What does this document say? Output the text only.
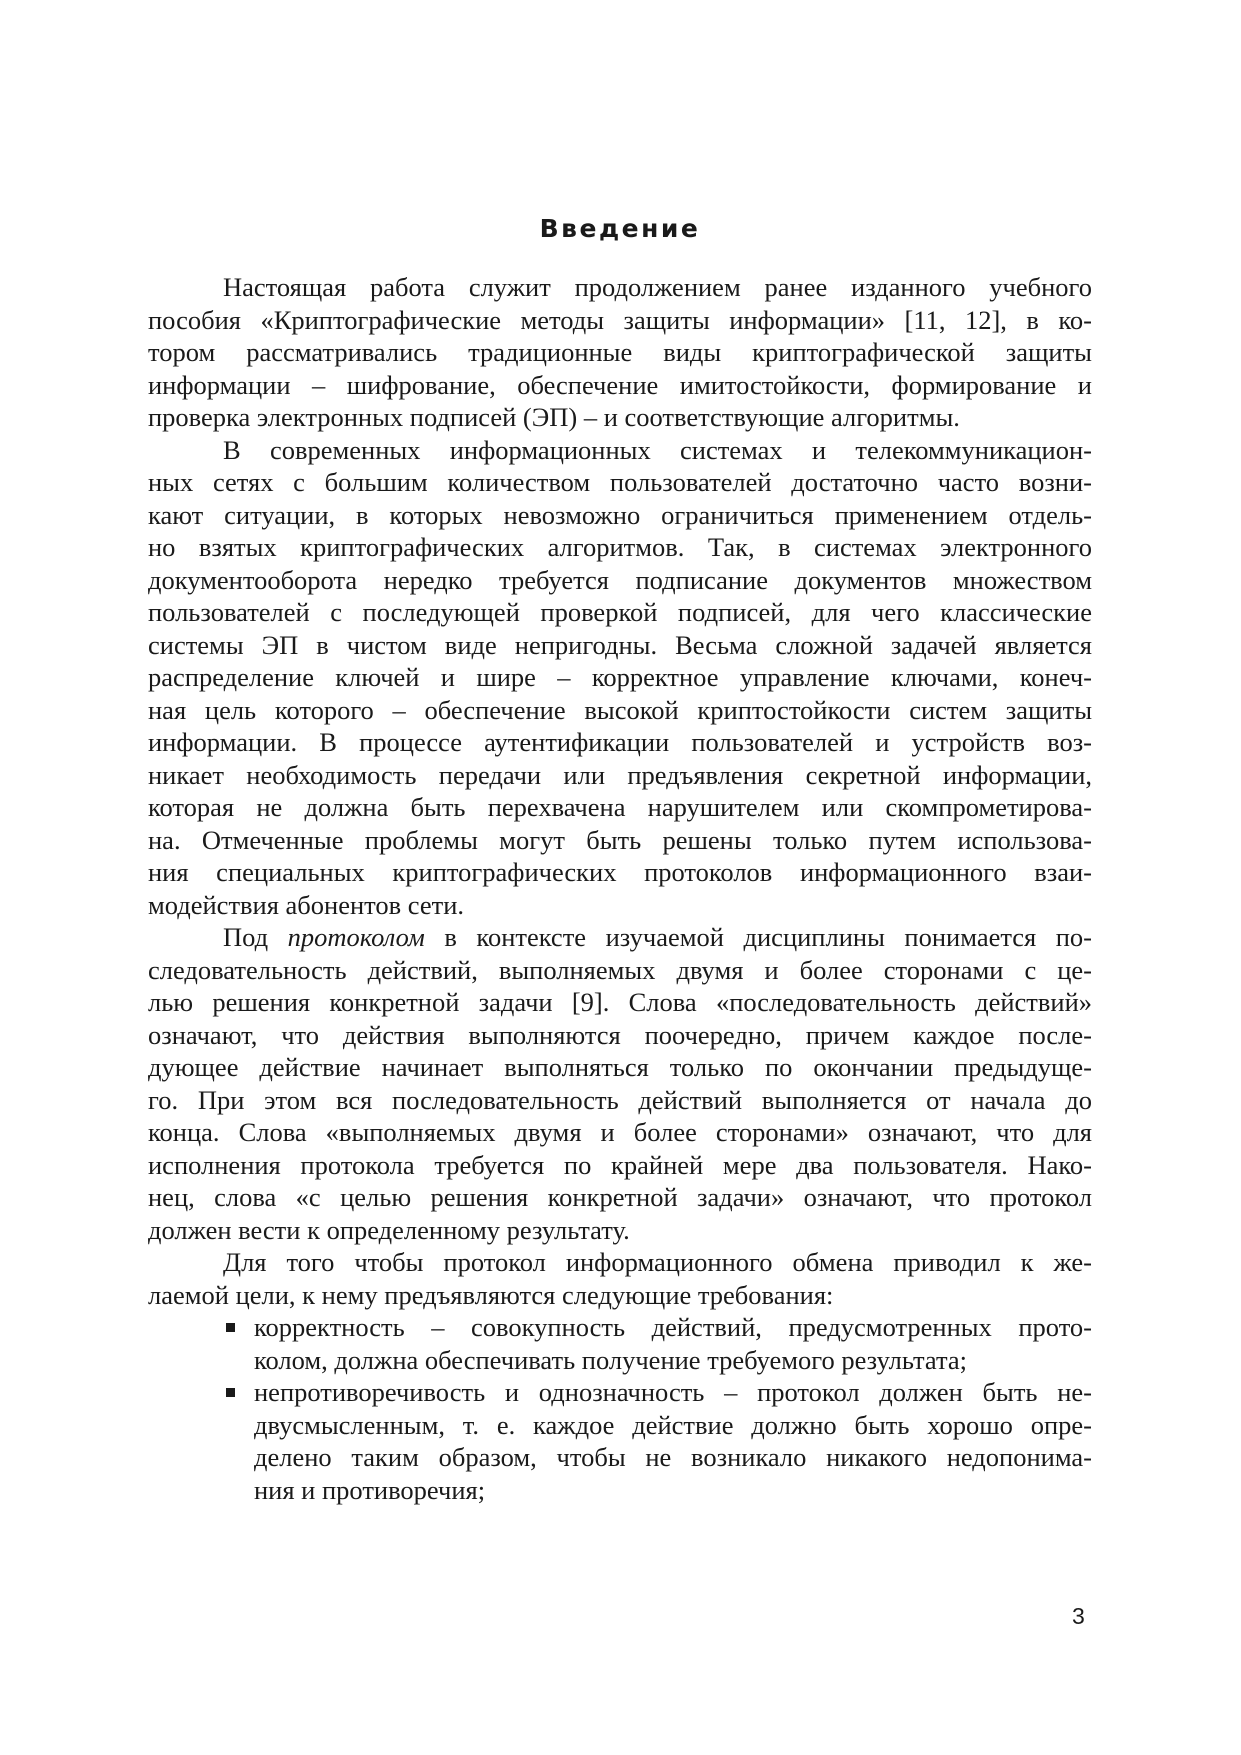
Введение
Настоящая работа служит продолжением ранее изданного учебного
пособия «Криптографические методы защиты информации» [11, 12], в ко-
тором рассматривались традиционные виды криптографической защиты
информации – шифрование, обеспечение имитостойкости, формирование и
проверка электронных подписей (ЭП) – и соответствующие алгоритмы.
В современных информационных системах и телекоммуникацион-
ных сетях с большим количеством пользователей достаточно часто возни-
кают ситуации, в которых невозможно ограничиться применением отдель-
но взятых криптографических алгоритмов. Так, в системах электронного
документооборота нередко требуется подписание документов множеством
пользователей с последующей проверкой подписей, для чего классические
системы ЭП в чистом виде непригодны. Весьма сложной задачей является
распределение ключей и шире – корректное управление ключами, конеч-
ная цель которого – обеспечение высокой криптостойкости систем защиты
информации. В процессе аутентификации пользователей и устройств воз-
никает необходимость передачи или предъявления секретной информации,
которая не должна быть перехвачена нарушителем или скомпрометирова-
на. Отмеченные проблемы могут быть решены только путем использова-
ния специальных криптографических протоколов информационного взаи-
модействия абонентов сети.
Под протоколом в контексте изучаемой дисциплины понимается по-
следовательность действий, выполняемых двумя и более сторонами с це-
лью решения конкретной задачи [9]. Слова «последовательность действий»
означают, что действия выполняются поочередно, причем каждое после-
дующее действие начинает выполняться только по окончании предыдуще-
го. При этом вся последовательность действий выполняется от начала до
конца. Слова «выполняемых двумя и более сторонами» означают, что для
исполнения протокола требуется по крайней мере два пользователя. Нако-
нец, слова «с целью решения конкретной задачи» означают, что протокол
должен вести к определенному результату.
Для того чтобы протокол информационного обмена приводил к же-
лаемой цели, к нему предъявляются следующие требования:
корректность – совокупность действий, предусмотренных прото-
колом, должна обеспечивать получение требуемого результата;
непротиворечивость и однозначность – протокол должен быть не-
двусмысленным, т. е. каждое действие должно быть хорошо опре-
делено таким образом, чтобы не возникало никакого недопонима-
ния и противоречия;
3
